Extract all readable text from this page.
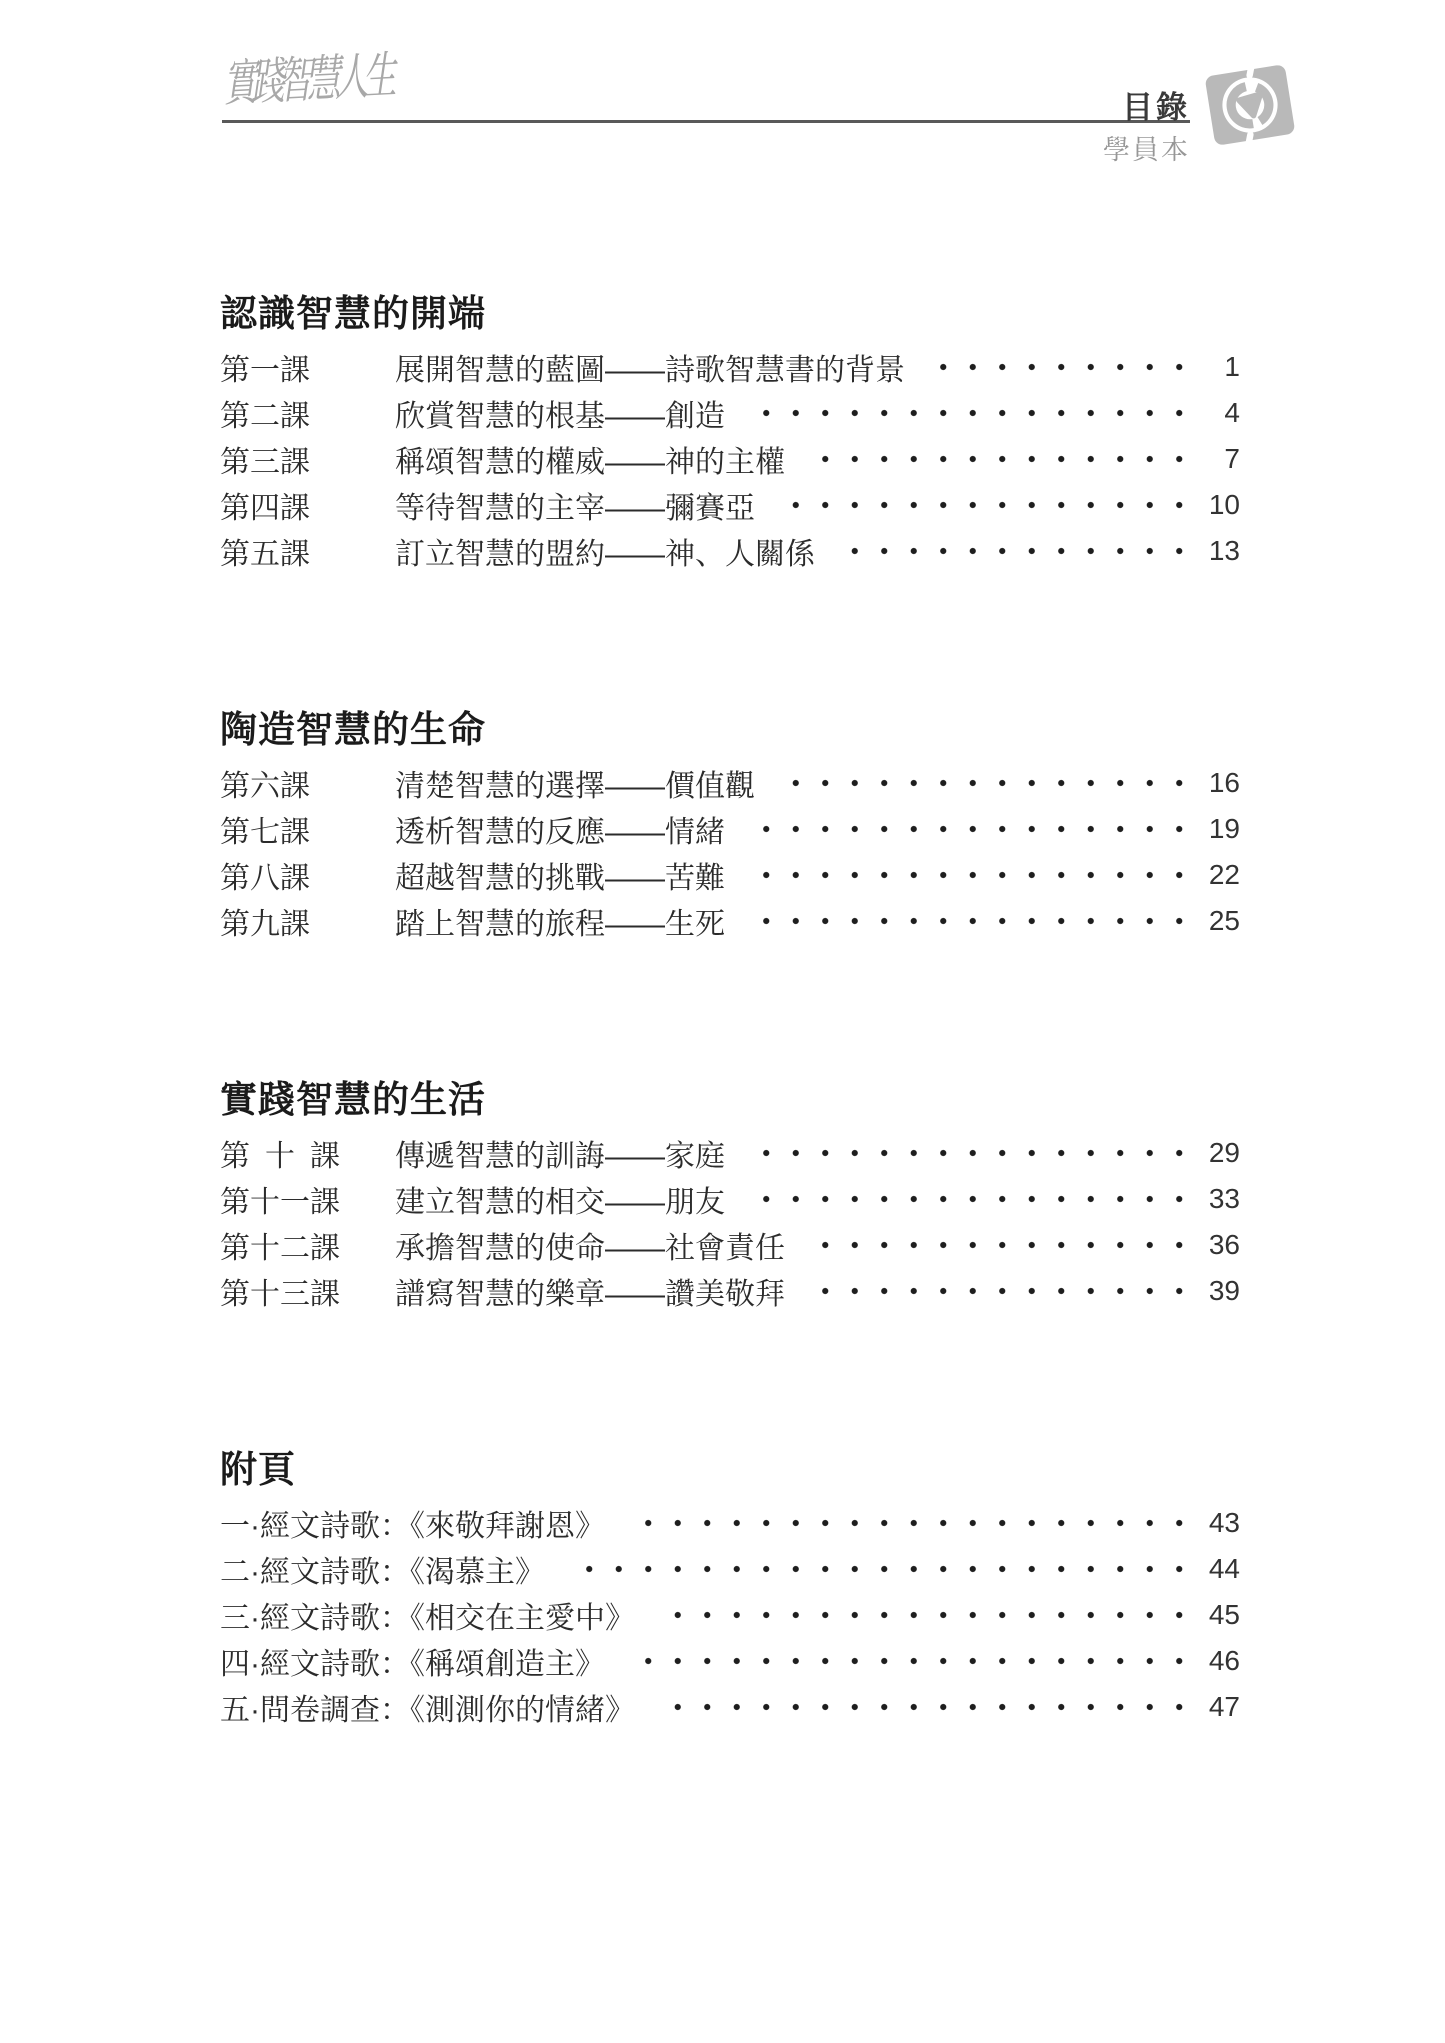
實踐智慧人生	目錄
學員本
認識智慧的開端
第一課	展開智慧的藍圖——詩歌智慧書的背景	1
第二課	欣賞智慧的根基——創造	4
第三課	稱頌智慧的權威——神的主權	7
第四課	等待智慧的主宰——彌賽亞	10
第五課	訂立智慧的盟約——神、人關係	13
陶造智慧的生命
第六課	清楚智慧的選擇——價值觀	16
第七課	透析智慧的反應——情緒	19
第八課	超越智慧的挑戰——苦難	22
第九課	踏上智慧的旅程——生死	25
實踐智慧的生活
第 十 課	傳遞智慧的訓誨——家庭	29
第十一課	建立智慧的相交——朋友	33
第十二課	承擔智慧的使命——社會責任	36
第十三課	譜寫智慧的樂章——讚美敬拜	39
附頁
一·經文詩歌：《來敬拜謝恩》	43
二·經文詩歌：《渴慕主》	44
三·經文詩歌：《相交在主愛中》	45
四·經文詩歌：《稱頌創造主》	46
五·問卷調查：《測測你的情緒》	47
